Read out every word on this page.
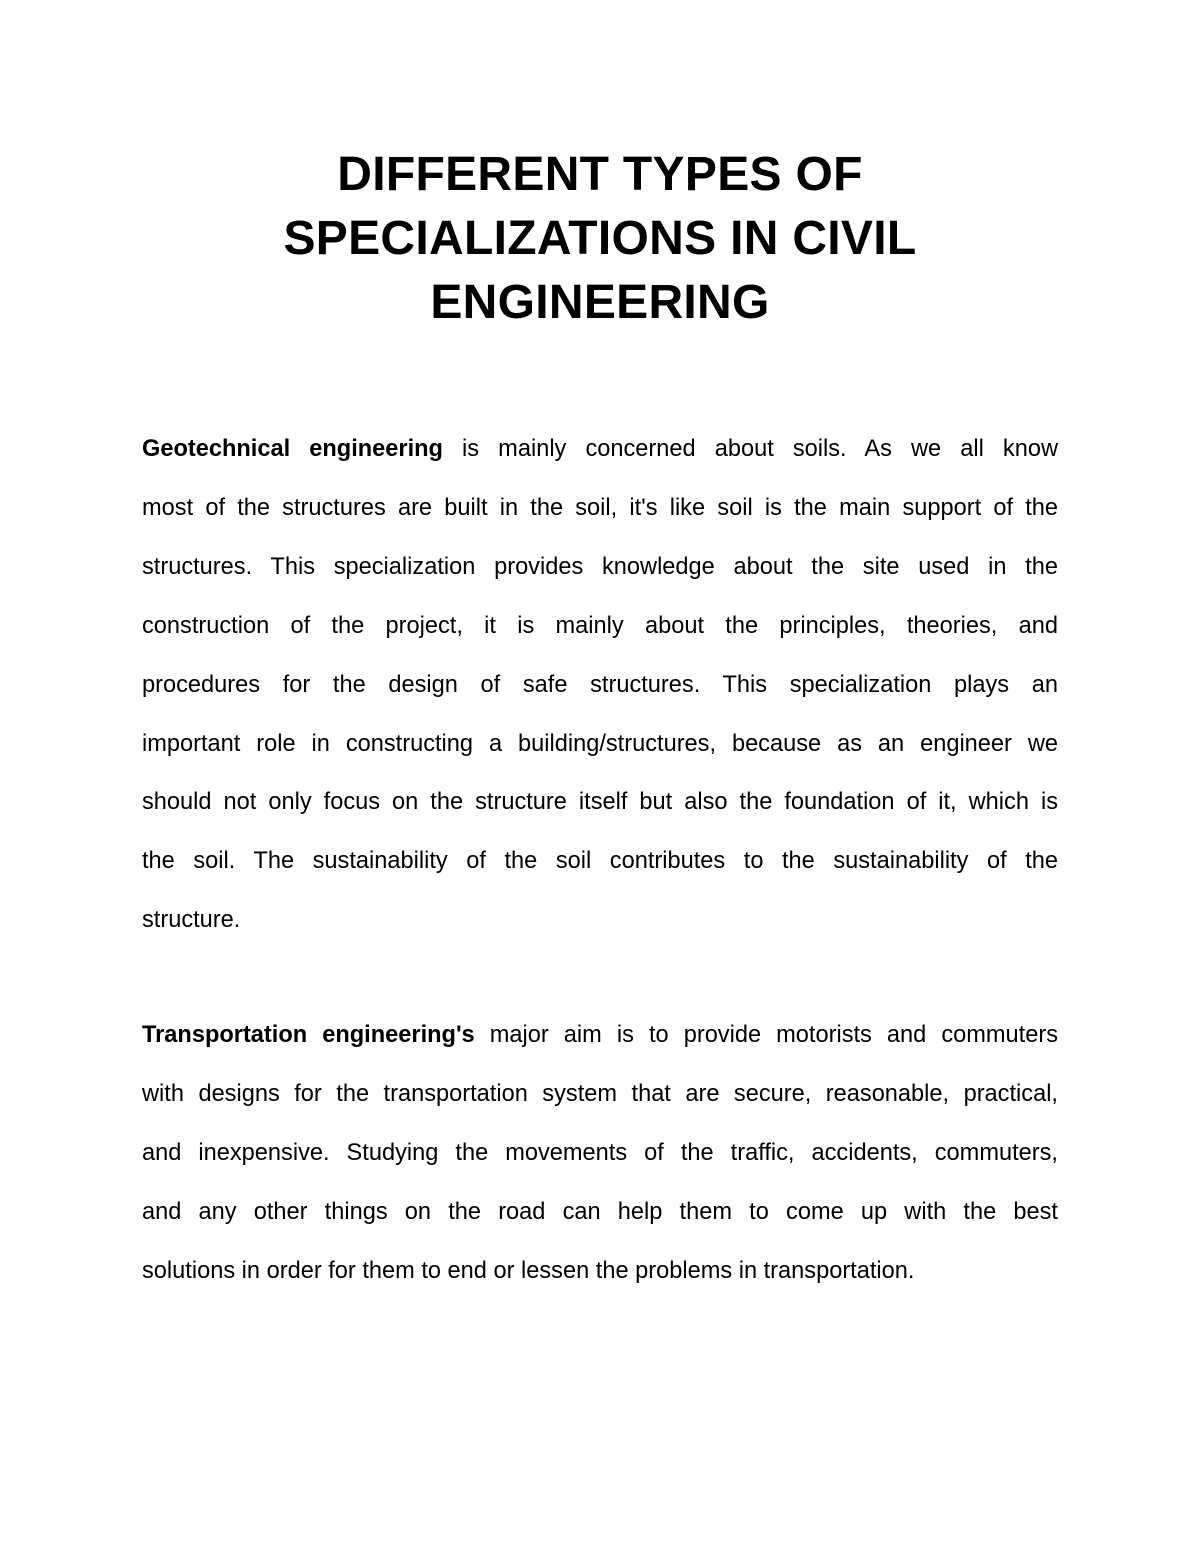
DIFFERENT TYPES OF
SPECIALIZATIONS IN CIVIL
ENGINEERING

Geotechnical engineering is mainly concerned about soils. As we all know
most of the structures are built in the soil, it's like soil is the main support of the
structures. This specialization provides knowledge about the site used in the
construction of the project, it is mainly about the principles, theories, and
procedures for the design of safe structures. This specialization plays an
important role in constructing a building/structures, because as an engineer we
should not only focus on the structure itself but also the foundation of it, which is
the soil. The sustainability of the soil contributes to the sustainability of the
structure.

Transportation engineering's major aim is to provide motorists and commuters
with designs for the transportation system that are secure, reasonable, practical,
and inexpensive. Studying the movements of the traffic, accidents, commuters,
and any other things on the road can help them to come up with the best
solutions in order for them to end or lessen the problems in transportation.
